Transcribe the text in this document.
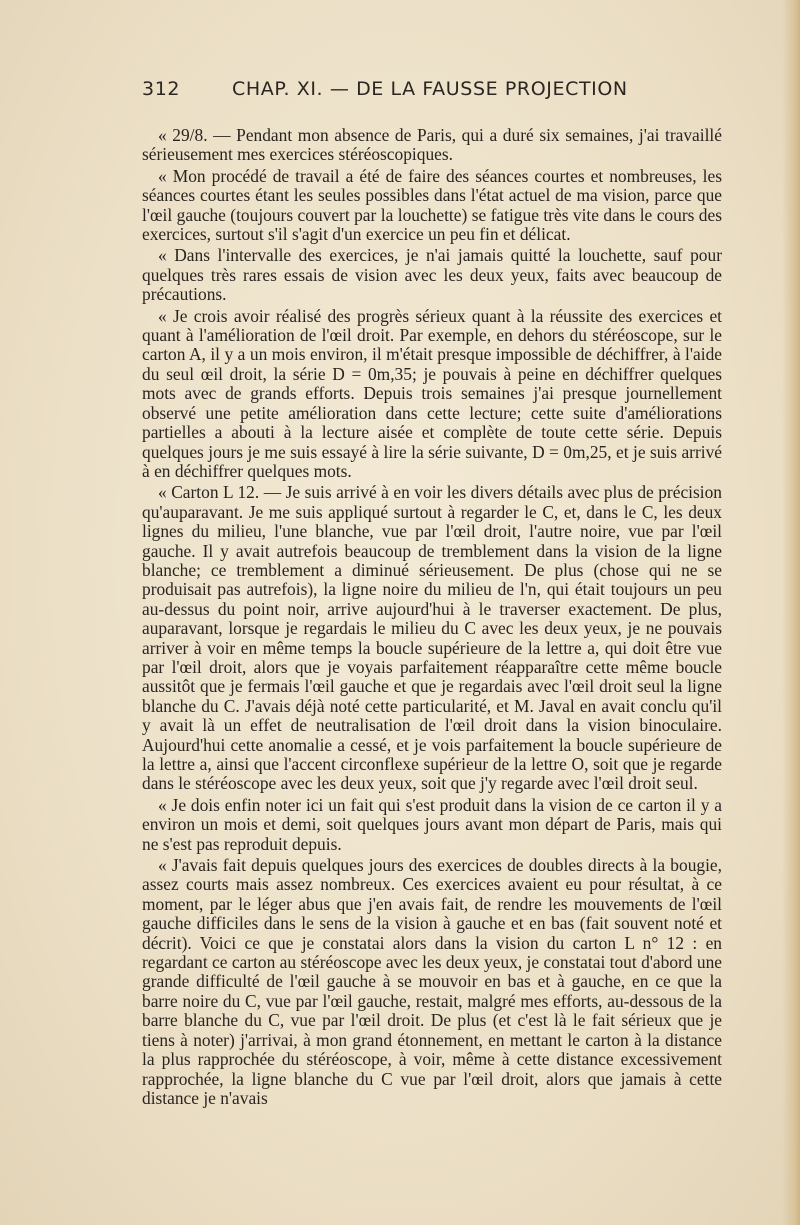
312	CHAP. XI. — DE LA FAUSSE PROJECTION

« 29/8. — Pendant mon absence de Paris, qui a duré six semaines, j'ai travaillé sérieusement mes exercices stéréoscopiques.

« Mon procédé de travail a été de faire des séances courtes et nombreuses, les séances courtes étant les seules possibles dans l'état actuel de ma vision, parce que l'œil gauche (toujours couvert par la louchette) se fatigue très vite dans le cours des exercices, surtout s'il s'agit d'un exercice un peu fin et délicat.

« Dans l'intervalle des exercices, je n'ai jamais quitté la louchette, sauf pour quelques très rares essais de vision avec les deux yeux, faits avec beaucoup de précautions.

« Je crois avoir réalisé des progrès sérieux quant à la réussite des exercices et quant à l'amélioration de l'œil droit. Par exemple, en dehors du stéréoscope, sur le carton A, il y a un mois environ, il m'était presque impossible de déchiffrer, à l'aide du seul œil droit, la série D = 0m,35; je pouvais à peine en déchiffrer quelques mots avec de grands efforts. Depuis trois semaines j'ai presque journellement observé une petite amélioration dans cette lecture; cette suite d'améliorations partielles a abouti à la lecture aisée et complète de toute cette série. Depuis quelques jours je me suis essayé à lire la série suivante, D = 0m,25, et je suis arrivé à en déchiffrer quelques mots.

« Carton L 12. — Je suis arrivé à en voir les divers détails avec plus de précision qu'auparavant. Je me suis appliqué surtout à regarder le C, et, dans le C, les deux lignes du milieu, l'une blanche, vue par l'œil droit, l'autre noire, vue par l'œil gauche. Il y avait autrefois beaucoup de tremblement dans la vision de la ligne blanche; ce tremblement a diminué sérieusement. De plus (chose qui ne se produisait pas autrefois), la ligne noire du milieu de l'n, qui était toujours un peu au-dessus du point noir, arrive aujourd'hui à le traverser exactement. De plus, auparavant, lorsque je regardais le milieu du C avec les deux yeux, je ne pouvais arriver à voir en même temps la boucle supérieure de la lettre a, qui doit être vue par l'œil droit, alors que je voyais parfaitement réapparaître cette même boucle aussitôt que je fermais l'œil gauche et que je regardais avec l'œil droit seul la ligne blanche du C. J'avais déjà noté cette particularité, et M. Javal en avait conclu qu'il y avait là un effet de neutralisation de l'œil droit dans la vision binoculaire. Aujourd'hui cette anomalie a cessé, et je vois parfaitement la boucle supérieure de la lettre a, ainsi que l'accent circonflexe supérieur de la lettre O, soit que je regarde dans le stéréoscope avec les deux yeux, soit que j'y regarde avec l'œil droit seul.

« Je dois enfin noter ici un fait qui s'est produit dans la vision de ce carton il y a environ un mois et demi, soit quelques jours avant mon départ de Paris, mais qui ne s'est pas reproduit depuis.

« J'avais fait depuis quelques jours des exercices de doubles directs à la bougie, assez courts mais assez nombreux. Ces exercices avaient eu pour résultat, à ce moment, par le léger abus que j'en avais fait, de rendre les mouvements de l'œil gauche difficiles dans le sens de la vision à gauche et en bas (fait souvent noté et décrit). Voici ce que je constatai alors dans la vision du carton L n° 12 : en regardant ce carton au stéréoscope avec les deux yeux, je constatai tout d'abord une grande difficulté de l'œil gauche à se mouvoir en bas et à gauche, en ce que la barre noire du C, vue par l'œil gauche, restait, malgré mes efforts, au-dessous de la barre blanche du C, vue par l'œil droit. De plus (et c'est là le fait sérieux que je tiens à noter) j'arrivai, à mon grand étonnement, en mettant le carton à la distance la plus rapprochée du stéréoscope, à voir, même à cette distance excessivement rapprochée, la ligne blanche du C vue par l'œil droit, alors que jamais à cette distance je n'avais
